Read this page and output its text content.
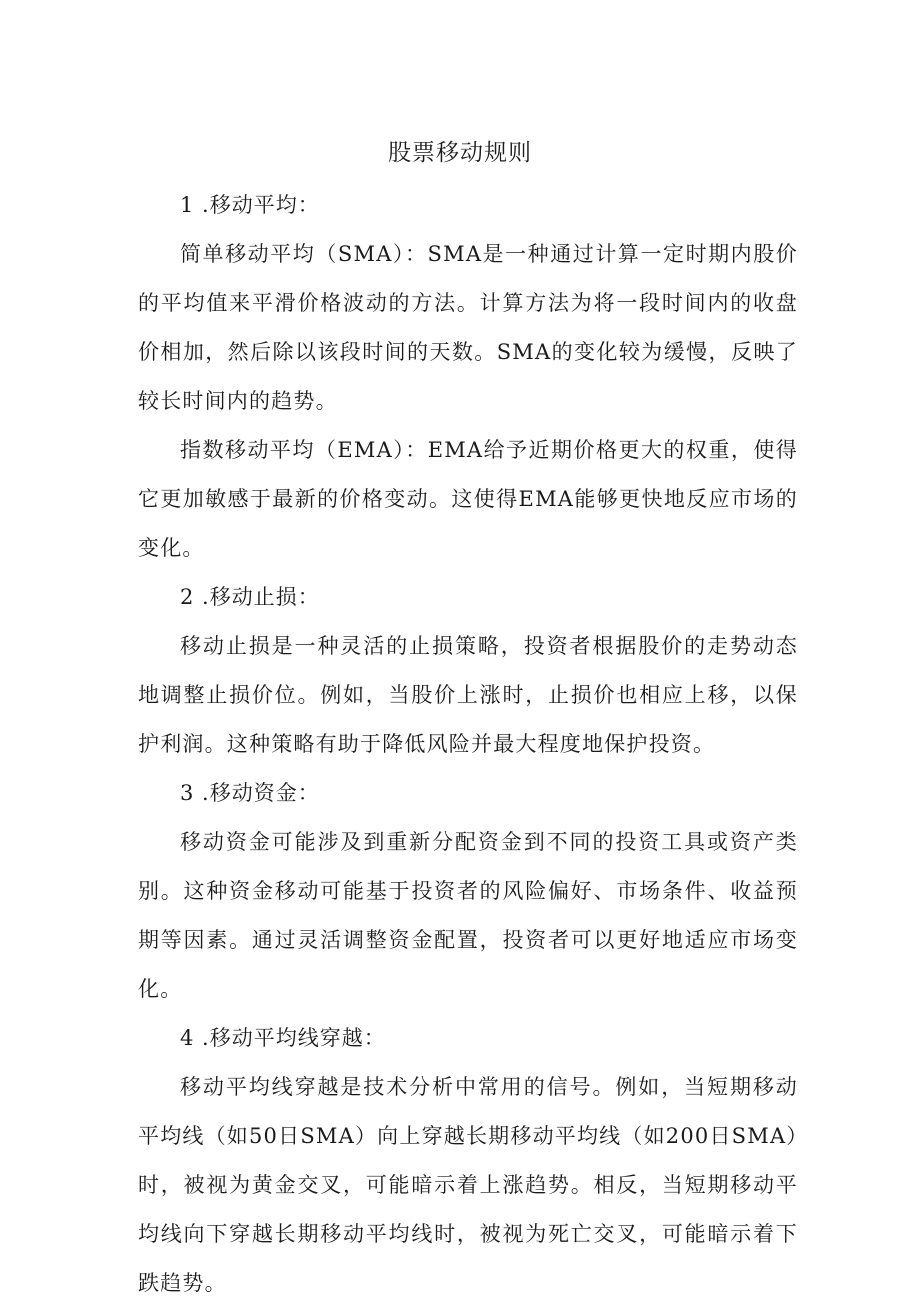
股票移动规则

1 .移动平均：

简单移动平均（SMA）：SMA是一种通过计算一定时期内股价的平均值来平滑价格波动的方法。计算方法为将一段时间内的收盘价相加，然后除以该段时间的天数。SMA的变化较为缓慢，反映了较长时间内的趋势。

指数移动平均（EMA）：EMA给予近期价格更大的权重，使得它更加敏感于最新的价格变动。这使得EMA能够更快地反应市场的变化。

2 .移动止损：

移动止损是一种灵活的止损策略，投资者根据股价的走势动态地调整止损价位。例如，当股价上涨时，止损价也相应上移，以保护利润。这种策略有助于降低风险并最大程度地保护投资。

3 .移动资金：

移动资金可能涉及到重新分配资金到不同的投资工具或资产类别。这种资金移动可能基于投资者的风险偏好、市场条件、收益预期等因素。通过灵活调整资金配置，投资者可以更好地适应市场变化。

4 .移动平均线穿越：

移动平均线穿越是技术分析中常用的信号。例如，当短期移动平均线（如50日SMA）向上穿越长期移动平均线（如200日SMA）时，被视为黄金交叉，可能暗示着上涨趋势。相反，当短期移动平均线向下穿越长期移动平均线时，被视为死亡交叉，可能暗示着下跌趋势。
